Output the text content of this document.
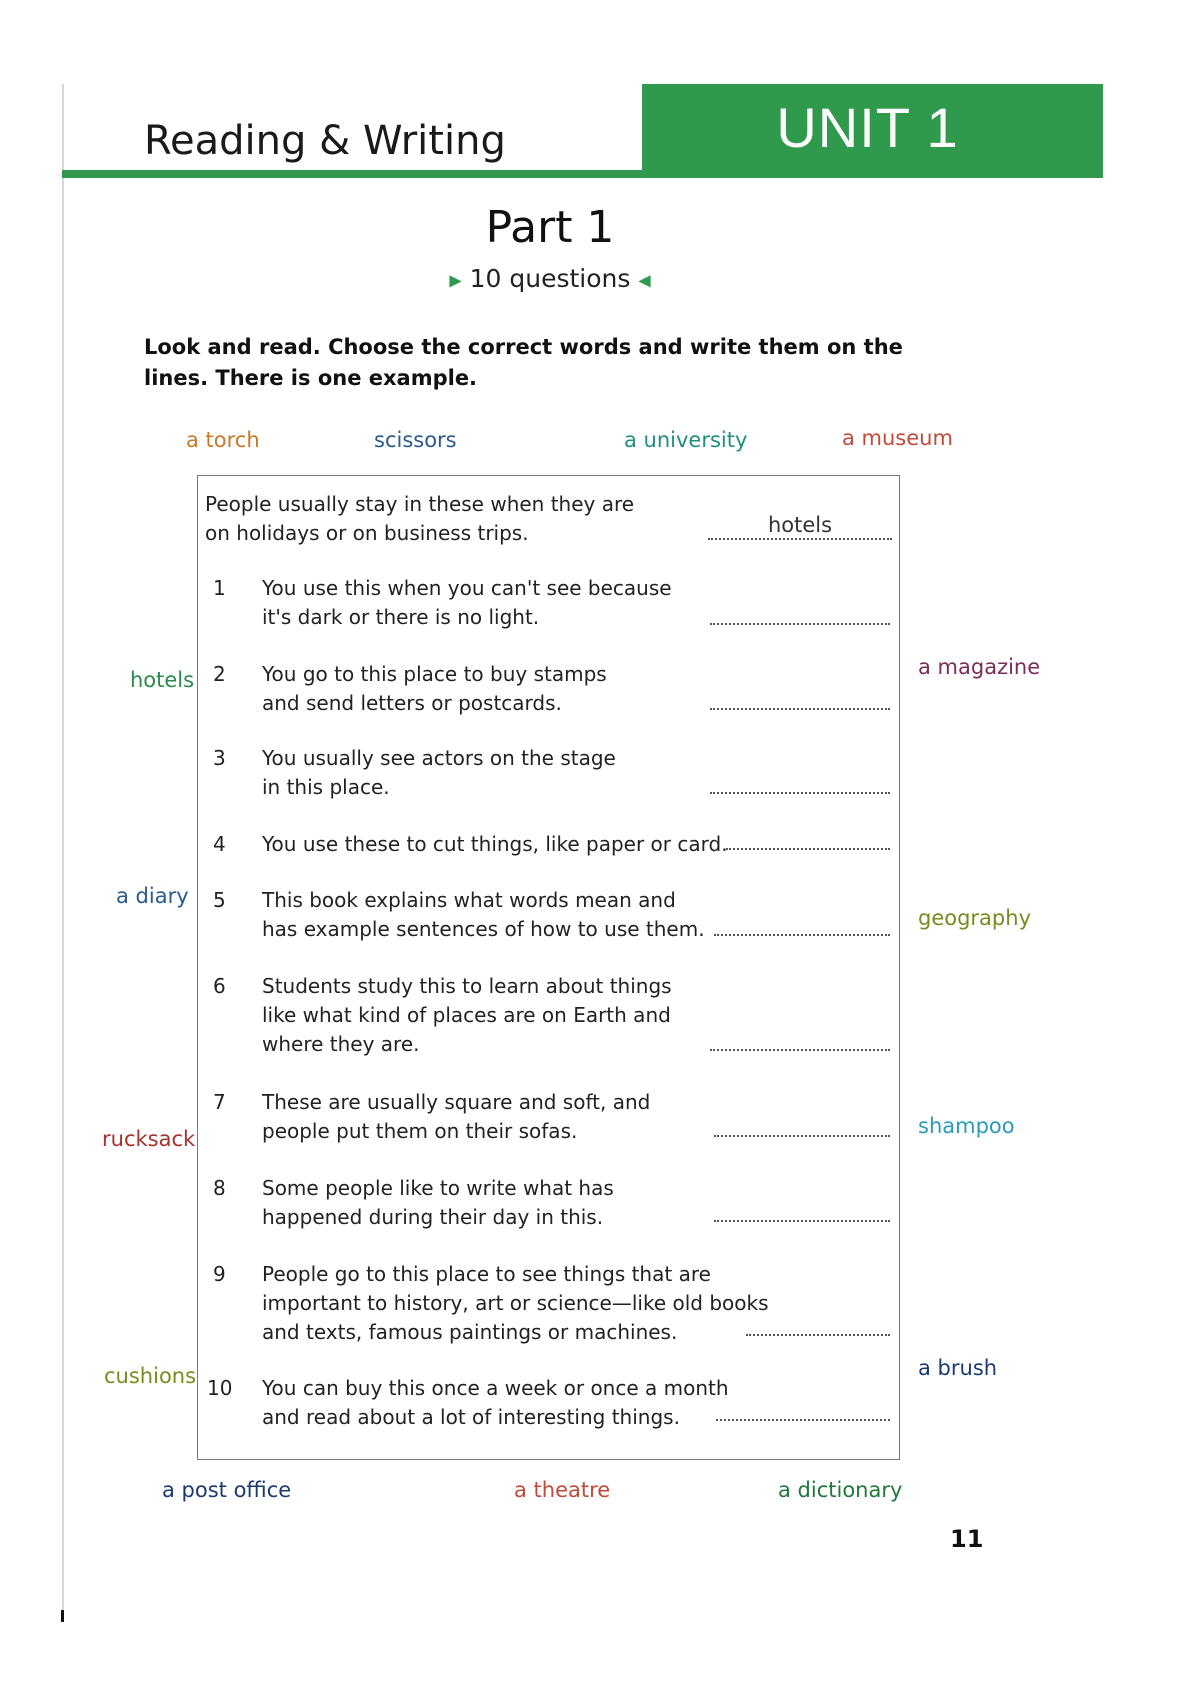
Reading & Writing	UNIT 1
Part 1
▶ 10 questions ◀
Look and read. Choose the correct words and write them on the lines. There is one example.
a torch	scissors	a university	a museum
hotels
a magazine
a diary
geography
rucksack
shampoo
cushions	a brush
a post office	a theatre	a dictionary
People usually stay in these when they are
on holidays or on business trips.	hotels
1 You use this when you can't see because
it's dark or there is no light.
2 You go to this place to buy stamps
and send letters or postcards.
3 You usually see actors on the stage
in this place.
4 You use these to cut things, like paper or card.
5 This book explains what words mean and
has example sentences of how to use them.
6 Students study this to learn about things
like what kind of places are on Earth and
where they are.
7 These are usually square and soft, and
people put them on their sofas.
8 Some people like to write what has
happened during their day in this.
9 People go to this place to see things that are
important to history, art or science—like old books
and texts, famous paintings or machines.
10 You can buy this once a week or once a month
and read about a lot of interesting things.
11
